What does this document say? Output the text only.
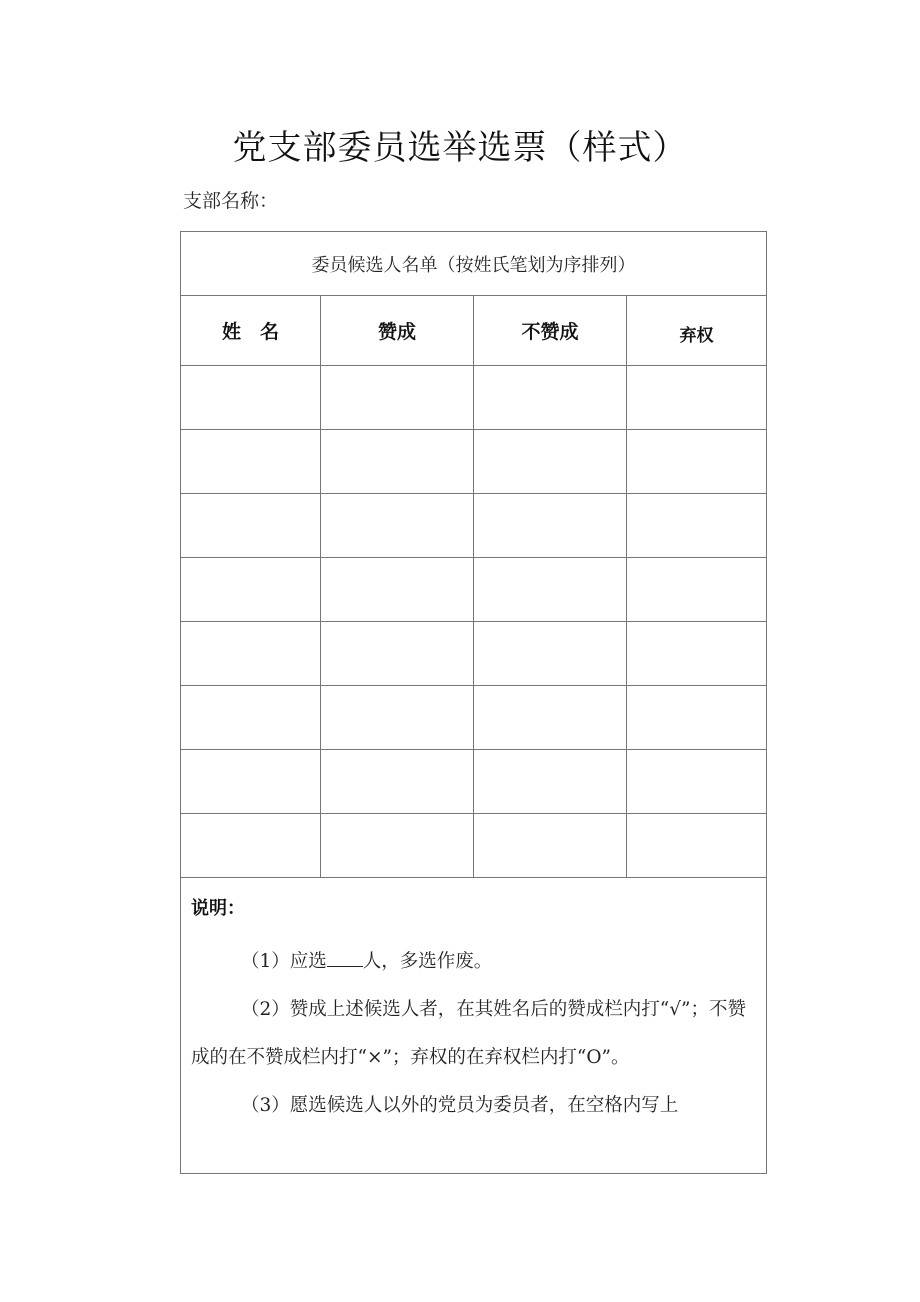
党支部委员选举选票（样式）
支部名称：
委员候选人名单（按姓氏笔划为序排列）			
姓　名	赞成	不赞成	弃权

说明：

（1）应选 人，多选作废。

（2）赞成上述候选人者，在其姓名后的赞成栏内打“√”；不赞成的在不赞成栏内打“×”；弃权的在弃权栏内打“O”。

（3）愿选候选人以外的党员为委员者，在空格内写上			
